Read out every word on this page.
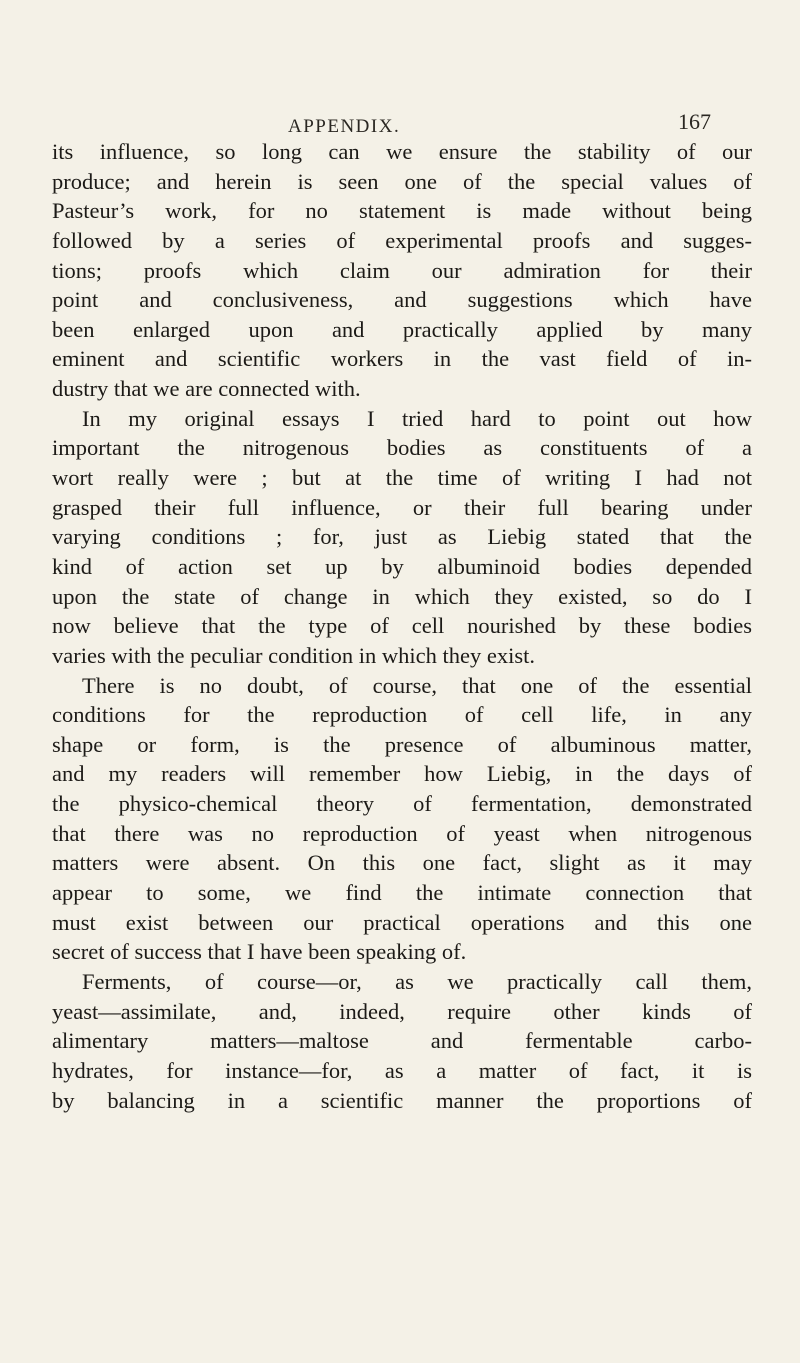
APPENDIX.	167
its influence, so long can we ensure the stability of our
produce; and herein is seen one of the special values of
Pasteur’s work, for no statement is made without being
followed by a series of experimental proofs and sugges-
tions; proofs which claim our admiration for their
point and conclusiveness, and suggestions which have
been enlarged upon and practically applied by many
eminent and scientific workers in the vast field of in-
dustry that we are connected with.
In my original essays I tried hard to point out how
important the nitrogenous bodies as constituents of a
wort really were ; but at the time of writing I had not
grasped their full influence, or their full bearing under
varying conditions ; for, just as Liebig stated that the
kind of action set up by albuminoid bodies depended
upon the state of change in which they existed, so do I
now believe that the type of cell nourished by these bodies
varies with the peculiar condition in which they exist.
There is no doubt, of course, that one of the essential
conditions for the reproduction of cell life, in any
shape or form, is the presence of albuminous matter,
and my readers will remember how Liebig, in the days of
the physico-chemical theory of fermentation, demonstrated
that there was no reproduction of yeast when nitrogenous
matters were absent. On this one fact, slight as it may
appear to some, we find the intimate connection that
must exist between our practical operations and this one
secret of success that I have been speaking of.
Ferments, of course—or, as we practically call them,
yeast—assimilate, and, indeed, require other kinds of
alimentary matters—maltose and fermentable carbo-
hydrates, for instance—for, as a matter of fact, it is
by balancing in a scientific manner the proportions of
